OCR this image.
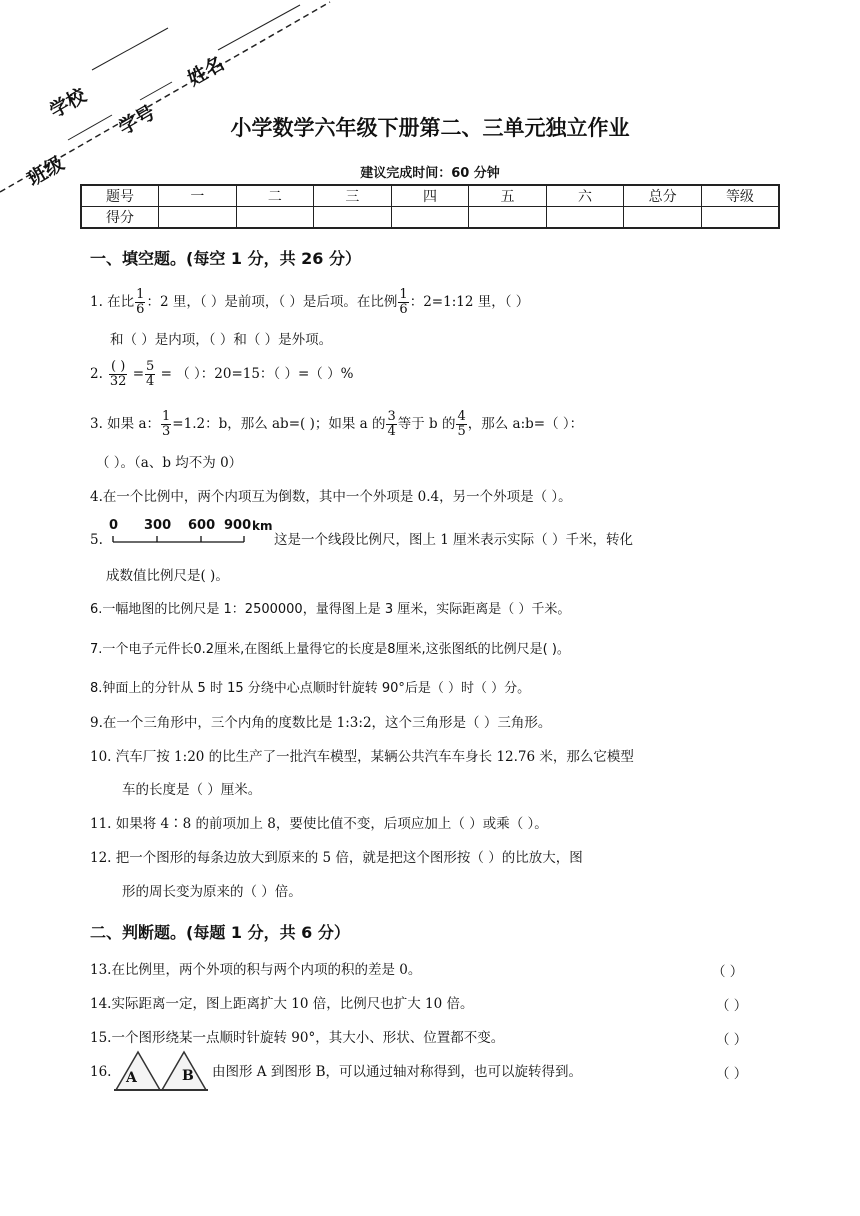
学校
班级
学号
姓名
小学数学六年级下册第二、三单元独立作业
建议完成时间：60 分钟
题号	一	二	三	四	五	六	总分	等级
得分								
一、填空题。(每空 1 分，共 26 分）
1. 在比 $\frac{1}{6}$ ：2 里，（ ）是前项，（ ）是后项。在比例 $\frac{1}{6}$ ：2=1:12 里，（ ）
和（ ）是内项，（ ）和（ ）是外项。
2. $\frac{( )}{32} = \frac{5}{4}$ = （ ）：20=15：（ ）=（ ）%
3. 如果 a： $\frac{1}{3} =1.2$：b，那么 ab=( )；如果 a 的 $\frac{3}{4}$ 等于 b 的 $\frac{4}{5}$ ，那么 a:b=（ ）：
（ ）。（a、b 均不为 0）
4.在一个比例中，两个内项互为倒数，其中一个外项是 0.4，另一个外项是（ ）。
5.
0 300 600 900 km
这是一个线段比例尺，图上 1 厘米表示实际（ ）千米，转化
成数值比例尺是( )。
6.一幅地图的比例尺是 1：2500000，量得图上是 3 厘米，实际距离是（ ）千米。
7.一个电子元件长0.2厘米,在图纸上量得它的长度是8厘米,这张图纸的比例尺是( )。
8.钟面上的分针从 5 时 15 分绕中心点顺时针旋转 90°后是（ ）时（ ）分。
9.在一个三角形中，三个内角的度数比是 1:3:2，这个三角形是（ ）三角形。
10. 汽车厂按 1:20 的比生产了一批汽车模型，某辆公共汽车车身长 12.76 米，那么它模型
车的长度是（ ）厘米。
11. 如果将 4∶8 的前项加上 8，要使比值不变，后项应加上（ ）或乘（ ）。
12. 把一个图形的每条边放大到原来的 5 倍，就是把这个图形按（ ）的比放大，图
形的周长变为原来的（ ）倍。
二、判断题。(每题 1 分，共 6 分）
13.在比例里，两个外项的积与两个内项的积的差是 0。	（ ）
14.实际距离一定，图上距离扩大 10 倍，比例尺也扩大 10 倍。	（ ）
15.一个图形绕某一点顺时针旋转 90°，其大小、形状、位置都不变。	（ ）
16. A	B 由图形 A 到图形 B，可以通过轴对称得到，也可以旋转得到。	（ ）
